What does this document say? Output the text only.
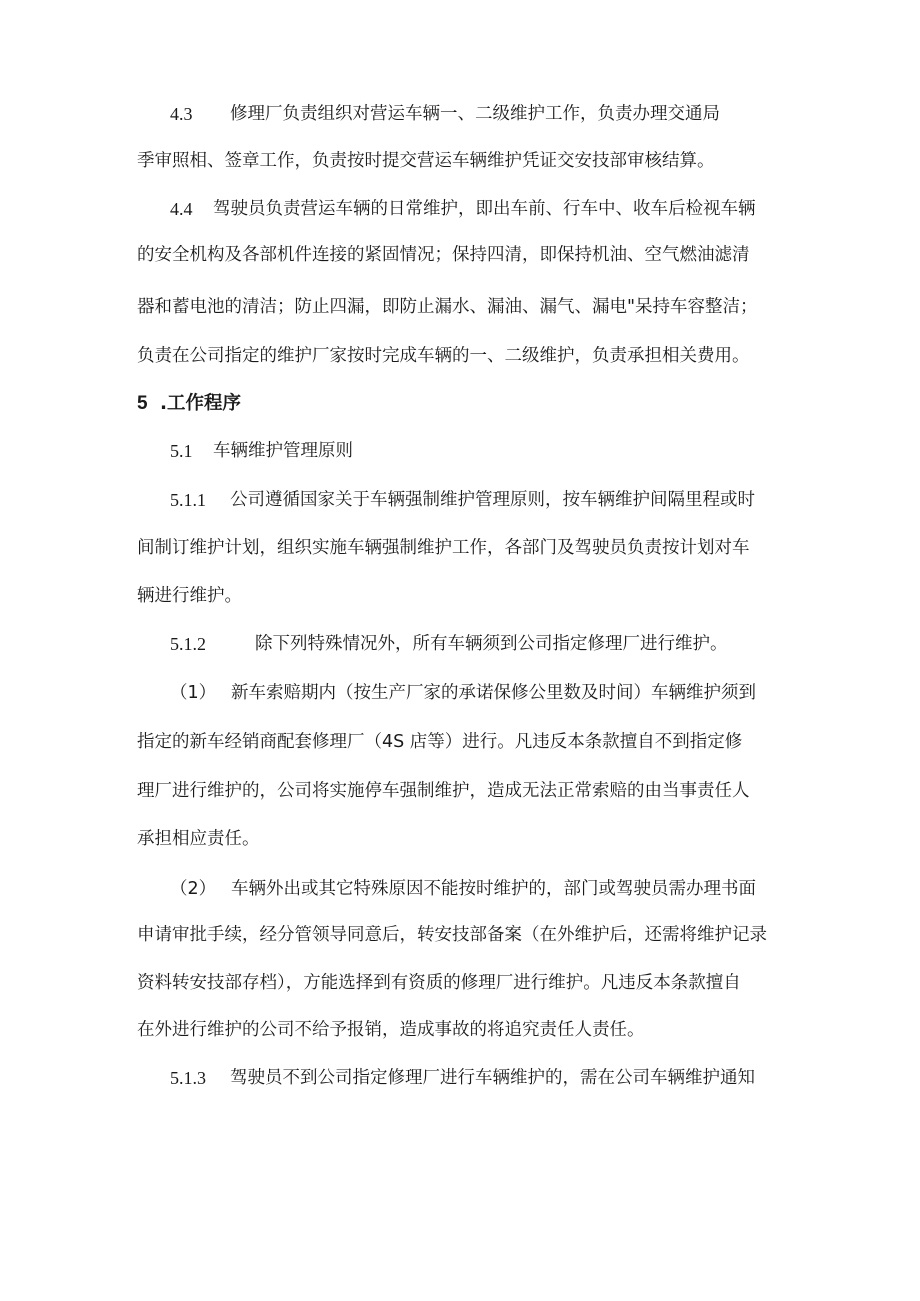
4.3 修理厂负责组织对营运车辆一、二级维护工作，负责办理交通局
季审照相、签章工作，负责按时提交营运车辆维护凭证交安技部审核结算。
4.4 驾驶员负责营运车辆的日常维护，即出车前、行车中、收车后检视车辆
的安全机构及各部机件连接的紧固情况；保持四清，即保持机油、空气燃油滤清
器和蓄电池的清洁；防止四漏，即防止漏水、漏油、漏气、漏电"呆持车容整洁；
负责在公司指定的维护厂家按时完成车辆的一、二级维护，负责承担相关费用。
5 .工作程序
5.1 车辆维护管理原则
5.1.1 公司遵循国家关于车辆强制维护管理原则，按车辆维护间隔里程或时
间制订维护计划，组织实施车辆强制维护工作，各部门及驾驶员负责按计划对车
辆进行维护。
5.1.2	除下列特殊情况外，所有车辆须到公司指定修理厂进行维护。
（1） 新车索赔期内（按生产厂家的承诺保修公里数及时间）车辆维护须到
指定的新车经销商配套修理厂（4S 店等）进行。凡违反本条款擅自不到指定修
理厂进行维护的，公司将实施停车强制维护，造成无法正常索赔的由当事责任人
承担相应责任。
（2） 车辆外出或其它特殊原因不能按时维护的，部门或驾驶员需办理书面
申请审批手续，经分管领导同意后，转安技部备案（在外维护后，还需将维护记录
资料转安技部存档），方能选择到有资质的修理厂进行维护。凡违反本条款擅自
在外进行维护的公司不给予报销，造成事故的将追究责任人责任。
5.1.3 驾驶员不到公司指定修理厂进行车辆维护的，需在公司车辆维护通知
